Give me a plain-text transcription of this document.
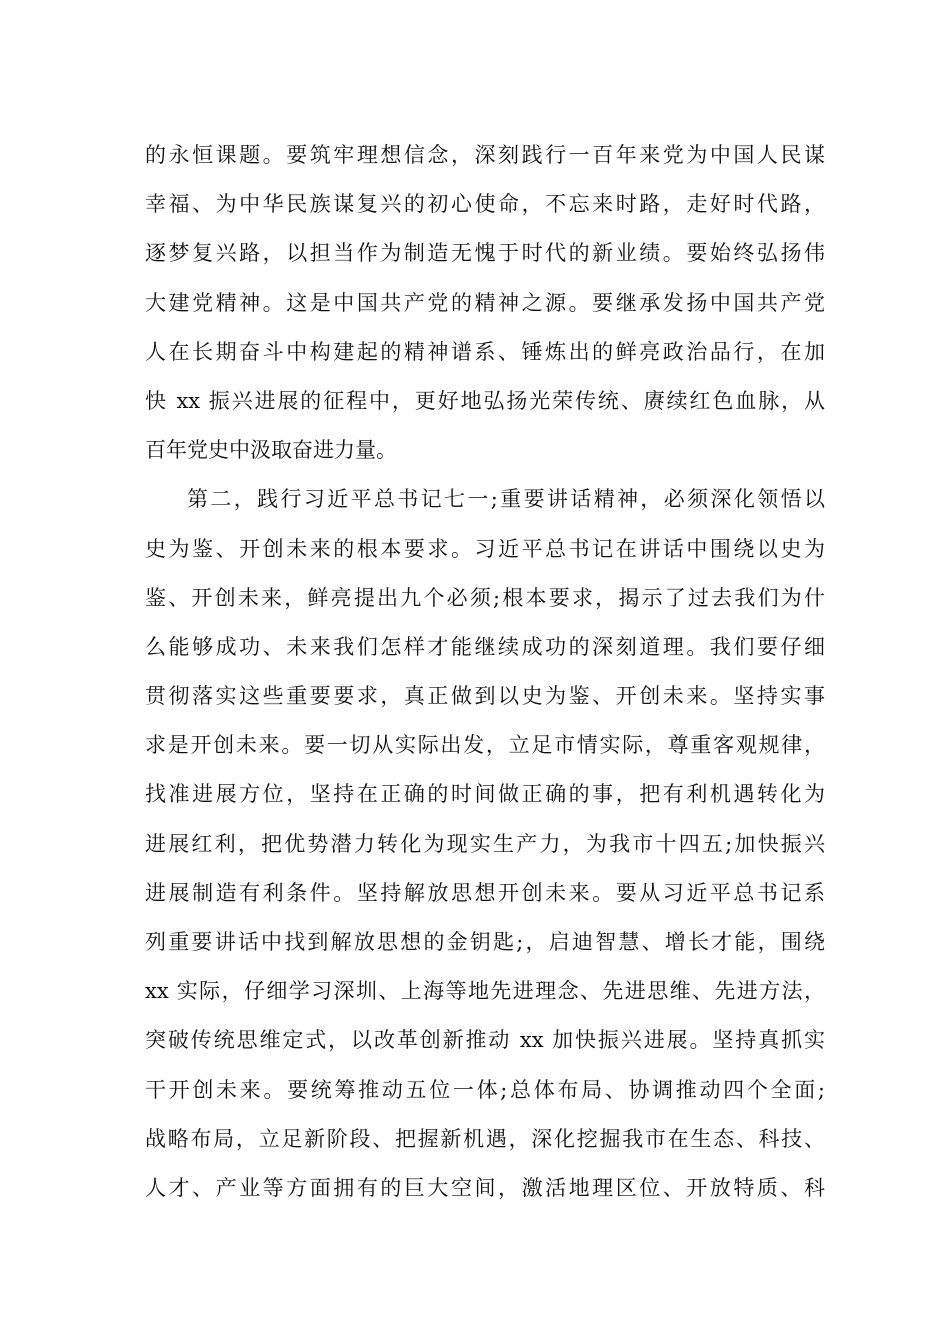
的永恒课题。要筑牢理想信念，深刻践行一百年来党为中国人民谋
幸福、为中华民族谋复兴的初心使命，不忘来时路，走好时代路，
逐梦复兴路，以担当作为制造无愧于时代的新业绩。要始终弘扬伟
大建党精神。这是中国共产党的精神之源。要继承发扬中国共产党
人在长期奋斗中构建起的精神谱系、锤炼出的鲜亮政治品行，在加
快 xx 振兴进展的征程中，更好地弘扬光荣传统、赓续红色血脉，从
百年党史中汲取奋进力量。
第二，践行习近平总书记七一;重要讲话精神，必须深化领悟以
史为鉴、开创未来的根本要求。习近平总书记在讲话中围绕以史为
鉴、开创未来，鲜亮提出九个必须;根本要求，揭示了过去我们为什
么能够成功、未来我们怎样才能继续成功的深刻道理。我们要仔细
贯彻落实这些重要要求，真正做到以史为鉴、开创未来。坚持实事
求是开创未来。要一切从实际出发，立足市情实际，尊重客观规律，
找准进展方位，坚持在正确的时间做正确的事，把有利机遇转化为
进展红利，把优势潜力转化为现实生产力，为我市十四五;加快振兴
进展制造有利条件。坚持解放思想开创未来。要从习近平总书记系
列重要讲话中找到解放思想的金钥匙;，启迪智慧、增长才能，围绕
xx 实际，仔细学习深圳、上海等地先进理念、先进思维、先进方法，
突破传统思维定式，以改革创新推动 xx 加快振兴进展。坚持真抓实
干开创未来。要统筹推动五位一体;总体布局、协调推动四个全面;
战略布局，立足新阶段、把握新机遇，深化挖掘我市在生态、科技、
人才、产业等方面拥有的巨大空间，激活地理区位、开放特质、科
